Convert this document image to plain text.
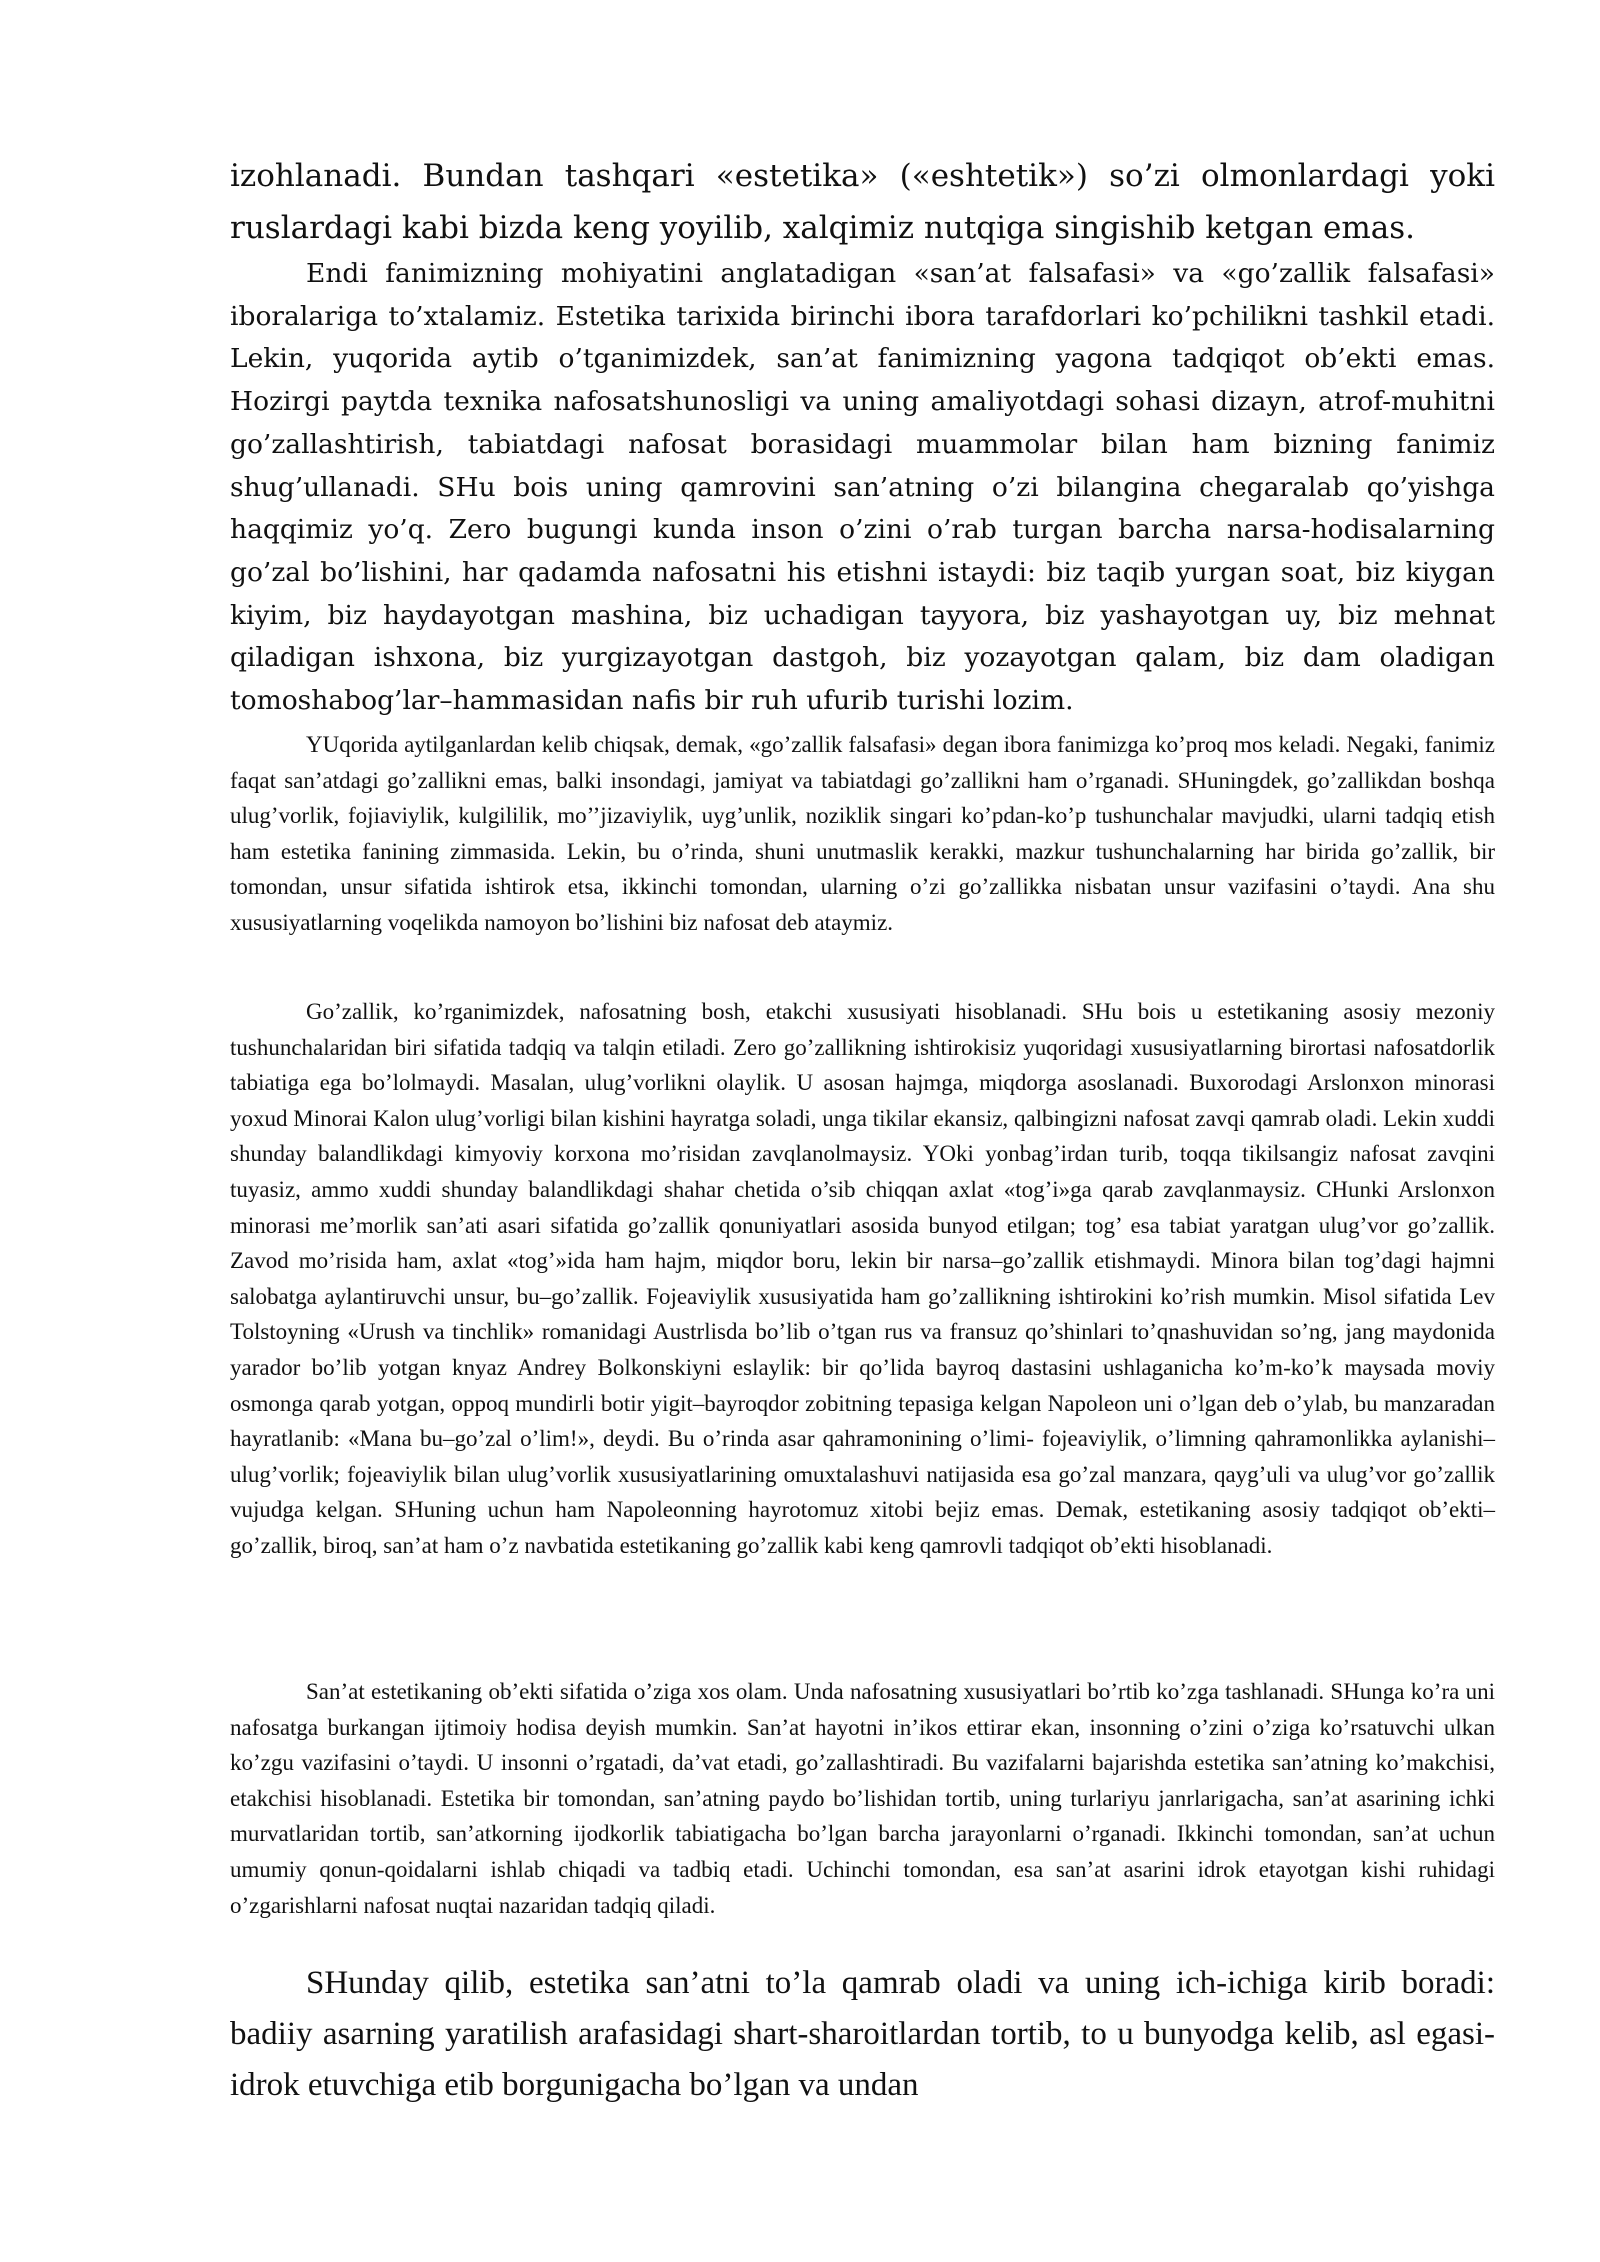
izohlanadi. Bundan tashqari «estetika» («eshtetik») so’zi olmonlardagi yoki ruslardagi kabi bizda keng yoyilib, xalqimiz nutqiga singishib ketgan emas.

Endi fanimizning mohiyatini anglatadigan «san’at falsafasi» va «go’zallik falsafasi» iboralariga to’xtalamiz. Estetika tarixida birinchi ibora tarafdorlari ko’pchilikni tashkil etadi. Lekin, yuqorida aytib o’tganimizdek, san’at fanimizning yagona tadqiqot ob’ekti emas. Hozirgi paytda texnika nafosatshunosligi va uning amaliyotdagi sohasi dizayn, atrof-muhitni go’zallashtirish, tabiatdagi nafosat borasidagi muammolar bilan ham bizning fanimiz shug’ullanadi. SHu bois uning qamrovini san’atning o’zi bilangina chegaralab qo’yishga haqqimiz yo’q. Zero bugungi kunda inson o’zini o’rab turgan barcha narsa-hodisalarning go’zal bo’lishini, har qadamda nafosatni his etishni istaydi: biz taqib yurgan soat, biz kiygan kiyim, biz haydayotgan mashina, biz uchadigan tayyora, biz yashayotgan uy, biz mehnat qiladigan ishxona, biz yurgizayotgan dastgoh, biz yozayotgan qalam, biz dam oladigan tomoshabog’lar–hammasidan nafis bir ruh ufurib turishi lozim.

YUqorida aytilganlardan kelib chiqsak, demak, «go’zallik falsafasi» degan ibora fanimizga ko’proq mos keladi. Negaki, fanimiz faqat san’atdagi go’zallikni emas, balki insondagi, jamiyat va tabiatdagi go’zallikni ham o’rganadi. SHuningdek, go’zallikdan boshqa ulug’vorlik, fojiaviylik, kulgililik, mo’’jizaviylik, uyg’unlik, noziklik singari ko’pdan-ko’p tushunchalar mavjudki, ularni tadqiq etish ham estetika fanining zimmasida. Lekin, bu o’rinda, shuni unutmaslik kerakki, mazkur tushunchalarning har birida go’zallik, bir tomondan, unsur sifatida ishtirok etsa, ikkinchi tomondan, ularning o’zi go’zallikka nisbatan unsur vazifasini o’taydi. Ana shu xususiyatlarning voqelikda namoyon bo’lishini biz nafosat deb ataymiz.

Go’zallik, ko’rganimizdek, nafosatning bosh, etakchi xususiyati hisoblanadi. SHu bois u estetikaning asosiy mezoniy tushunchalaridan biri sifatida tadqiq va talqin etiladi. Zero go’zallikning ishtirokisiz yuqoridagi xususiyatlarning birortasi nafosatdorlik tabiatiga ega bo’lolmaydi. Masalan, ulug’vorlikni olaylik. U asosan hajmga, miqdorga asoslanadi. Buxorodagi Arslonxon minorasi yoxud Minorai Kalon ulug’vorligi bilan kishini hayratga soladi, unga tikilar ekansiz, qalbingizni nafosat zavqi qamrab oladi. Lekin xuddi shunday balandlikdagi kimyoviy korxona mo’risidan zavqlanolmaysiz. YOki yonbag’irdan turib, toqqa tikilsangiz nafosat zavqini tuyasiz, ammo xuddi shunday balandlikdagi shahar chetida o’sib chiqqan axlat «tog’i»ga qarab zavqlanmaysiz. CHunki Arslonxon minorasi me’morlik san’ati asari sifatida go’zallik qonuniyatlari asosida bunyod etilgan; tog’ esa tabiat yaratgan ulug’vor go’zallik. Zavod mo’risida ham, axlat «tog’»ida ham hajm, miqdor boru, lekin bir narsa–go’zallik etishmaydi. Minora bilan tog’dagi hajmni salobatga aylantiruvchi unsur, bu–go’zallik. Fojeaviylik xususiyatida ham go’zallikning ishtirokini ko’rish mumkin. Misol sifatida Lev Tolstoyning «Urush va tinchlik» romanidagi Austrlisda bo’lib o’tgan rus va fransuz qo’shinlari to’qnashuvidan so’ng, jang maydonida yarador bo’lib yotgan knyaz Andrey Bolkonskiyni eslaylik: bir qo’lida bayroq dastasini ushlaganicha ko’m-ko’k maysada moviy osmonga qarab yotgan, oppoq mundirli botir yigit–bayroqdor zobitning tepasiga kelgan Napoleon uni o’lgan deb o’ylab, bu manzaradan hayratlanib: «Mana bu–go’zal o’lim!», deydi. Bu o’rinda asar qahramonining o’limi- fojeaviylik, o’limning qahramonlikka aylanishi–ulug’vorlik; fojeaviylik bilan ulug’vorlik xususiyatlarining omuxtalashuvi natijasida esa go’zal manzara, qayg’uli va ulug’vor go’zallik vujudga kelgan. SHuning uchun ham Napoleonning hayrotomuz xitobi bejiz emas. Demak, estetikaning asosiy tadqiqot ob’ekti–go’zallik, biroq, san’at ham o’z navbatida estetikaning go’zallik kabi keng qamrovli tadqiqot ob’ekti hisoblanadi.

San’at estetikaning ob’ekti sifatida o’ziga xos olam. Unda nafosatning xususiyatlari bo’rtib ko’zga tashlanadi. SHunga ko’ra uni nafosatga burkangan ijtimoiy hodisa deyish mumkin. San’at hayotni in’ikos ettirar ekan, insonning o’zini o’ziga ko’rsatuvchi ulkan ko’zgu vazifasini o’taydi. U insonni o’rgatadi, da’vat etadi, go’zallashtiradi. Bu vazifalarni bajarishda estetika san’atning ko’makchisi, etakchisi hisoblanadi. Estetika bir tomondan, san’atning paydo bo’lishidan tortib, uning turlariyu janrlarigacha, san’at asarining ichki murvatlaridan tortib, san’atkorning ijodkorlik tabiatigacha bo’lgan barcha jarayonlarni o’rganadi. Ikkinchi tomondan, san’at uchun umumiy qonun-qoidalarni ishlab chiqadi va tadbiq etadi. Uchinchi tomondan, esa san’at asarini idrok etayotgan kishi ruhidagi o’zgarishlarni nafosat nuqtai nazaridan tadqiq qiladi.

SHunday qilib, estetika san’atni to’la qamrab oladi va uning ich-ichiga kirib boradi: badiiy asarning yaratilish arafasidagi shart-sharoitlardan tortib, to u bunyodga kelib, asl egasi-idrok etuvchiga etib borgunigacha bo’lgan va undan
